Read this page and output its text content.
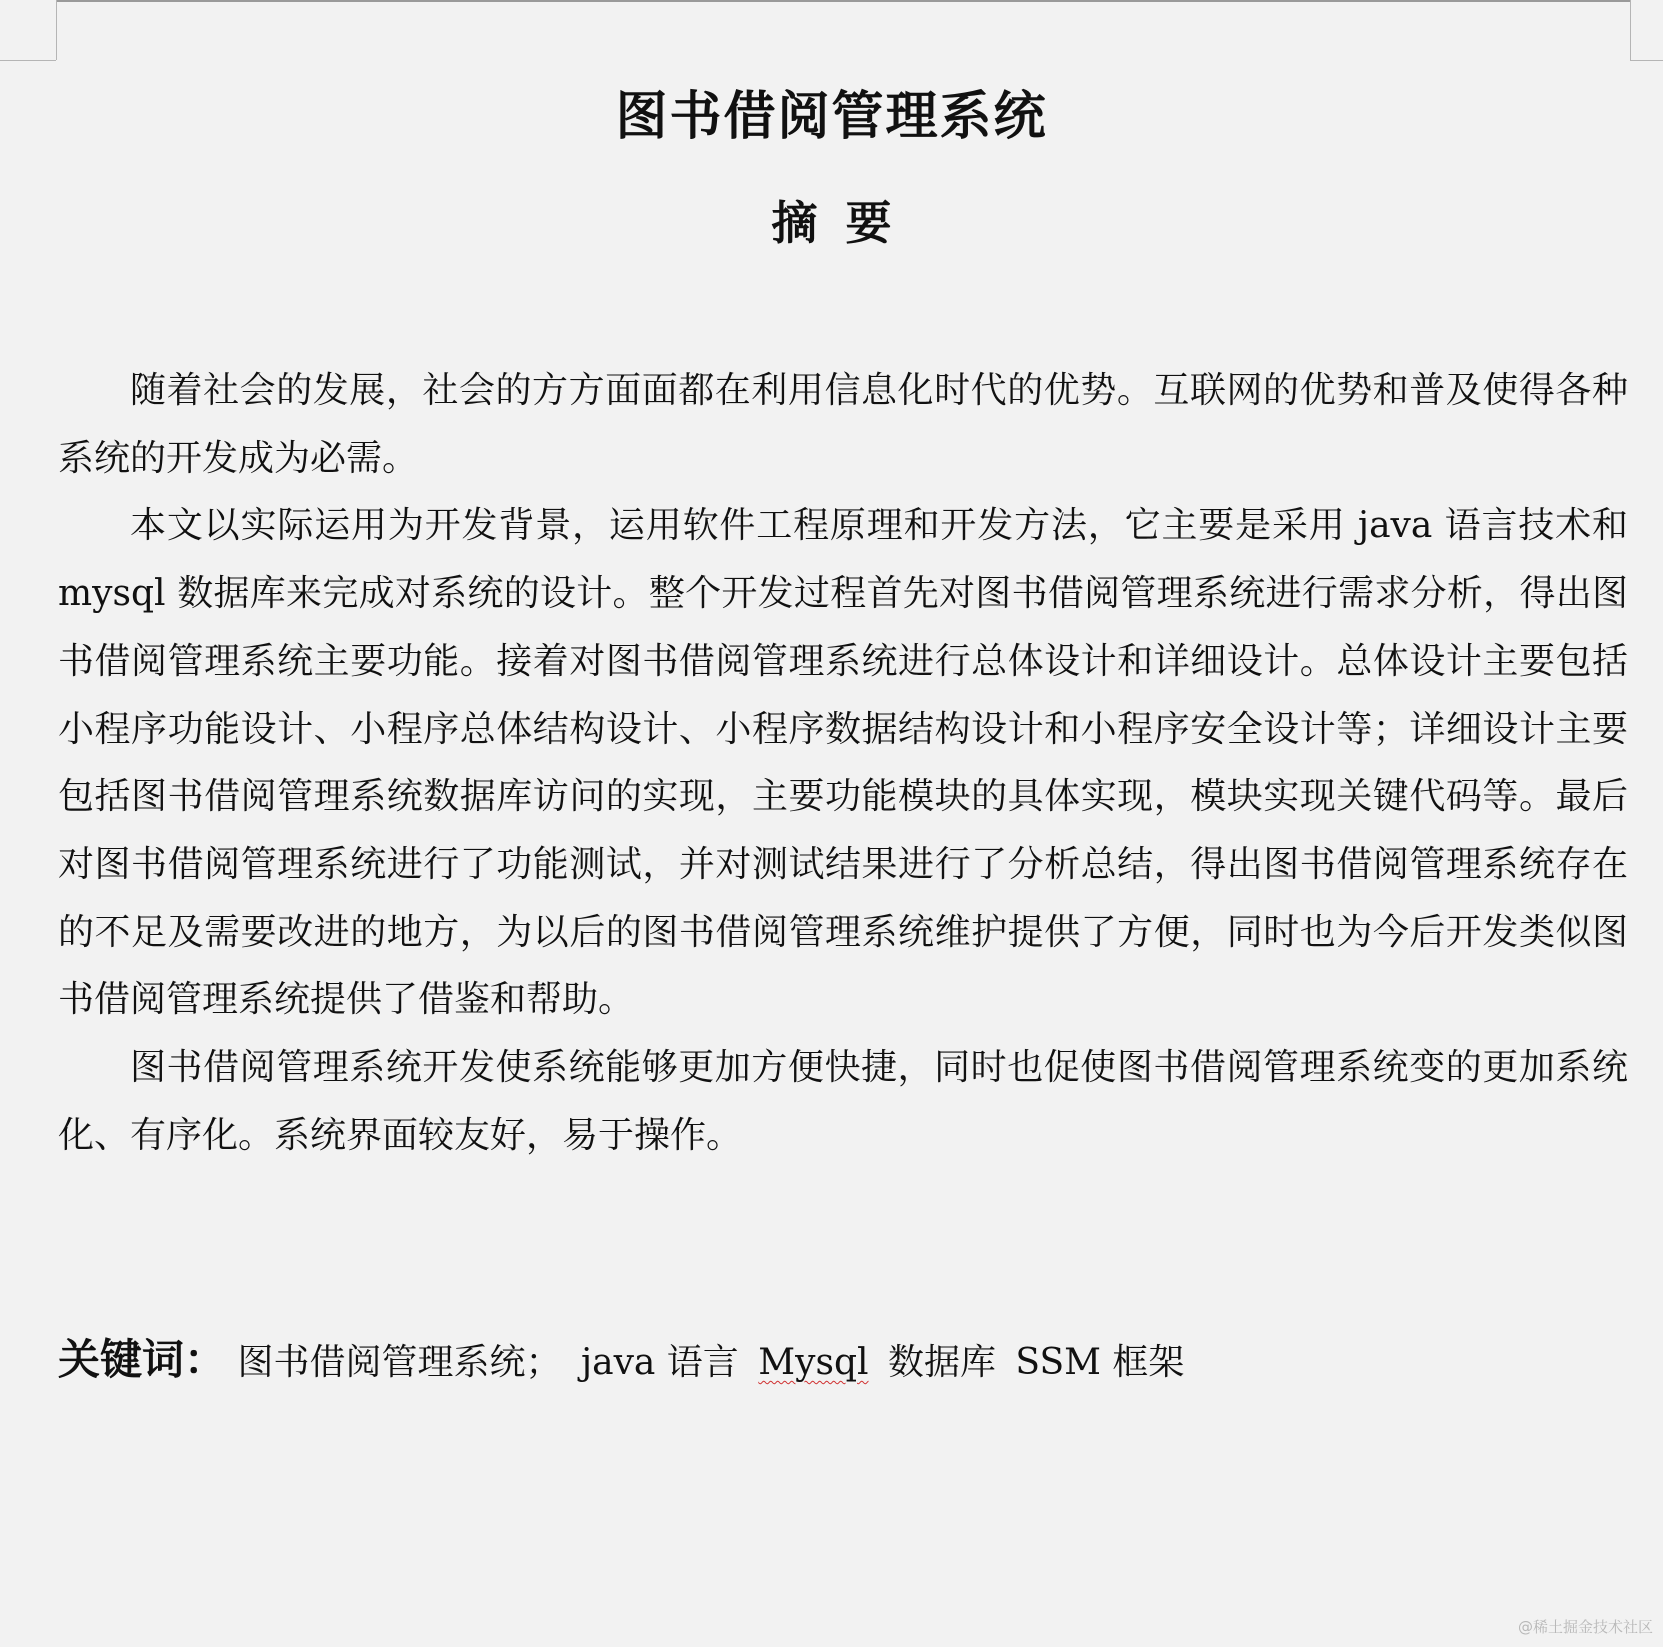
图书借阅管理系统
摘要

随着社会的发展，社会的方方面面都在利用信息化时代的优势。互联网的优势和普及使得各种系统的开发成为必需。

本文以实际运用为开发背景，运用软件工程原理和开发方法，它主要是采用 java 语言技术和 mysql 数据库来完成对系统的设计。整个开发过程首先对图书借阅管理系统进行需求分析，得出图书借阅管理系统主要功能。接着对图书借阅管理系统进行总体设计和详细设计。总体设计主要包括小程序功能设计、小程序总体结构设计、小程序数据结构设计和小程序安全设计等；详细设计主要包括图书借阅管理系统数据库访问的实现，主要功能模块的具体实现，模块实现关键代码等。最后对图书借阅管理系统进行了功能测试，并对测试结果进行了分析总结，得出图书借阅管理系统存在的不足及需要改进的地方，为以后的图书借阅管理系统维护提供了方便，同时也为今后开发类似图书借阅管理系统提供了借鉴和帮助。

图书借阅管理系统开发使系统能够更加方便快捷，同时也促使图书借阅管理系统变的更加系统化、有序化。系统界面较友好，易于操作。

关键词： 图书借阅管理系统； java 语言 Mysql 数据库 SSM 框架
@稀土掘金技术社区
